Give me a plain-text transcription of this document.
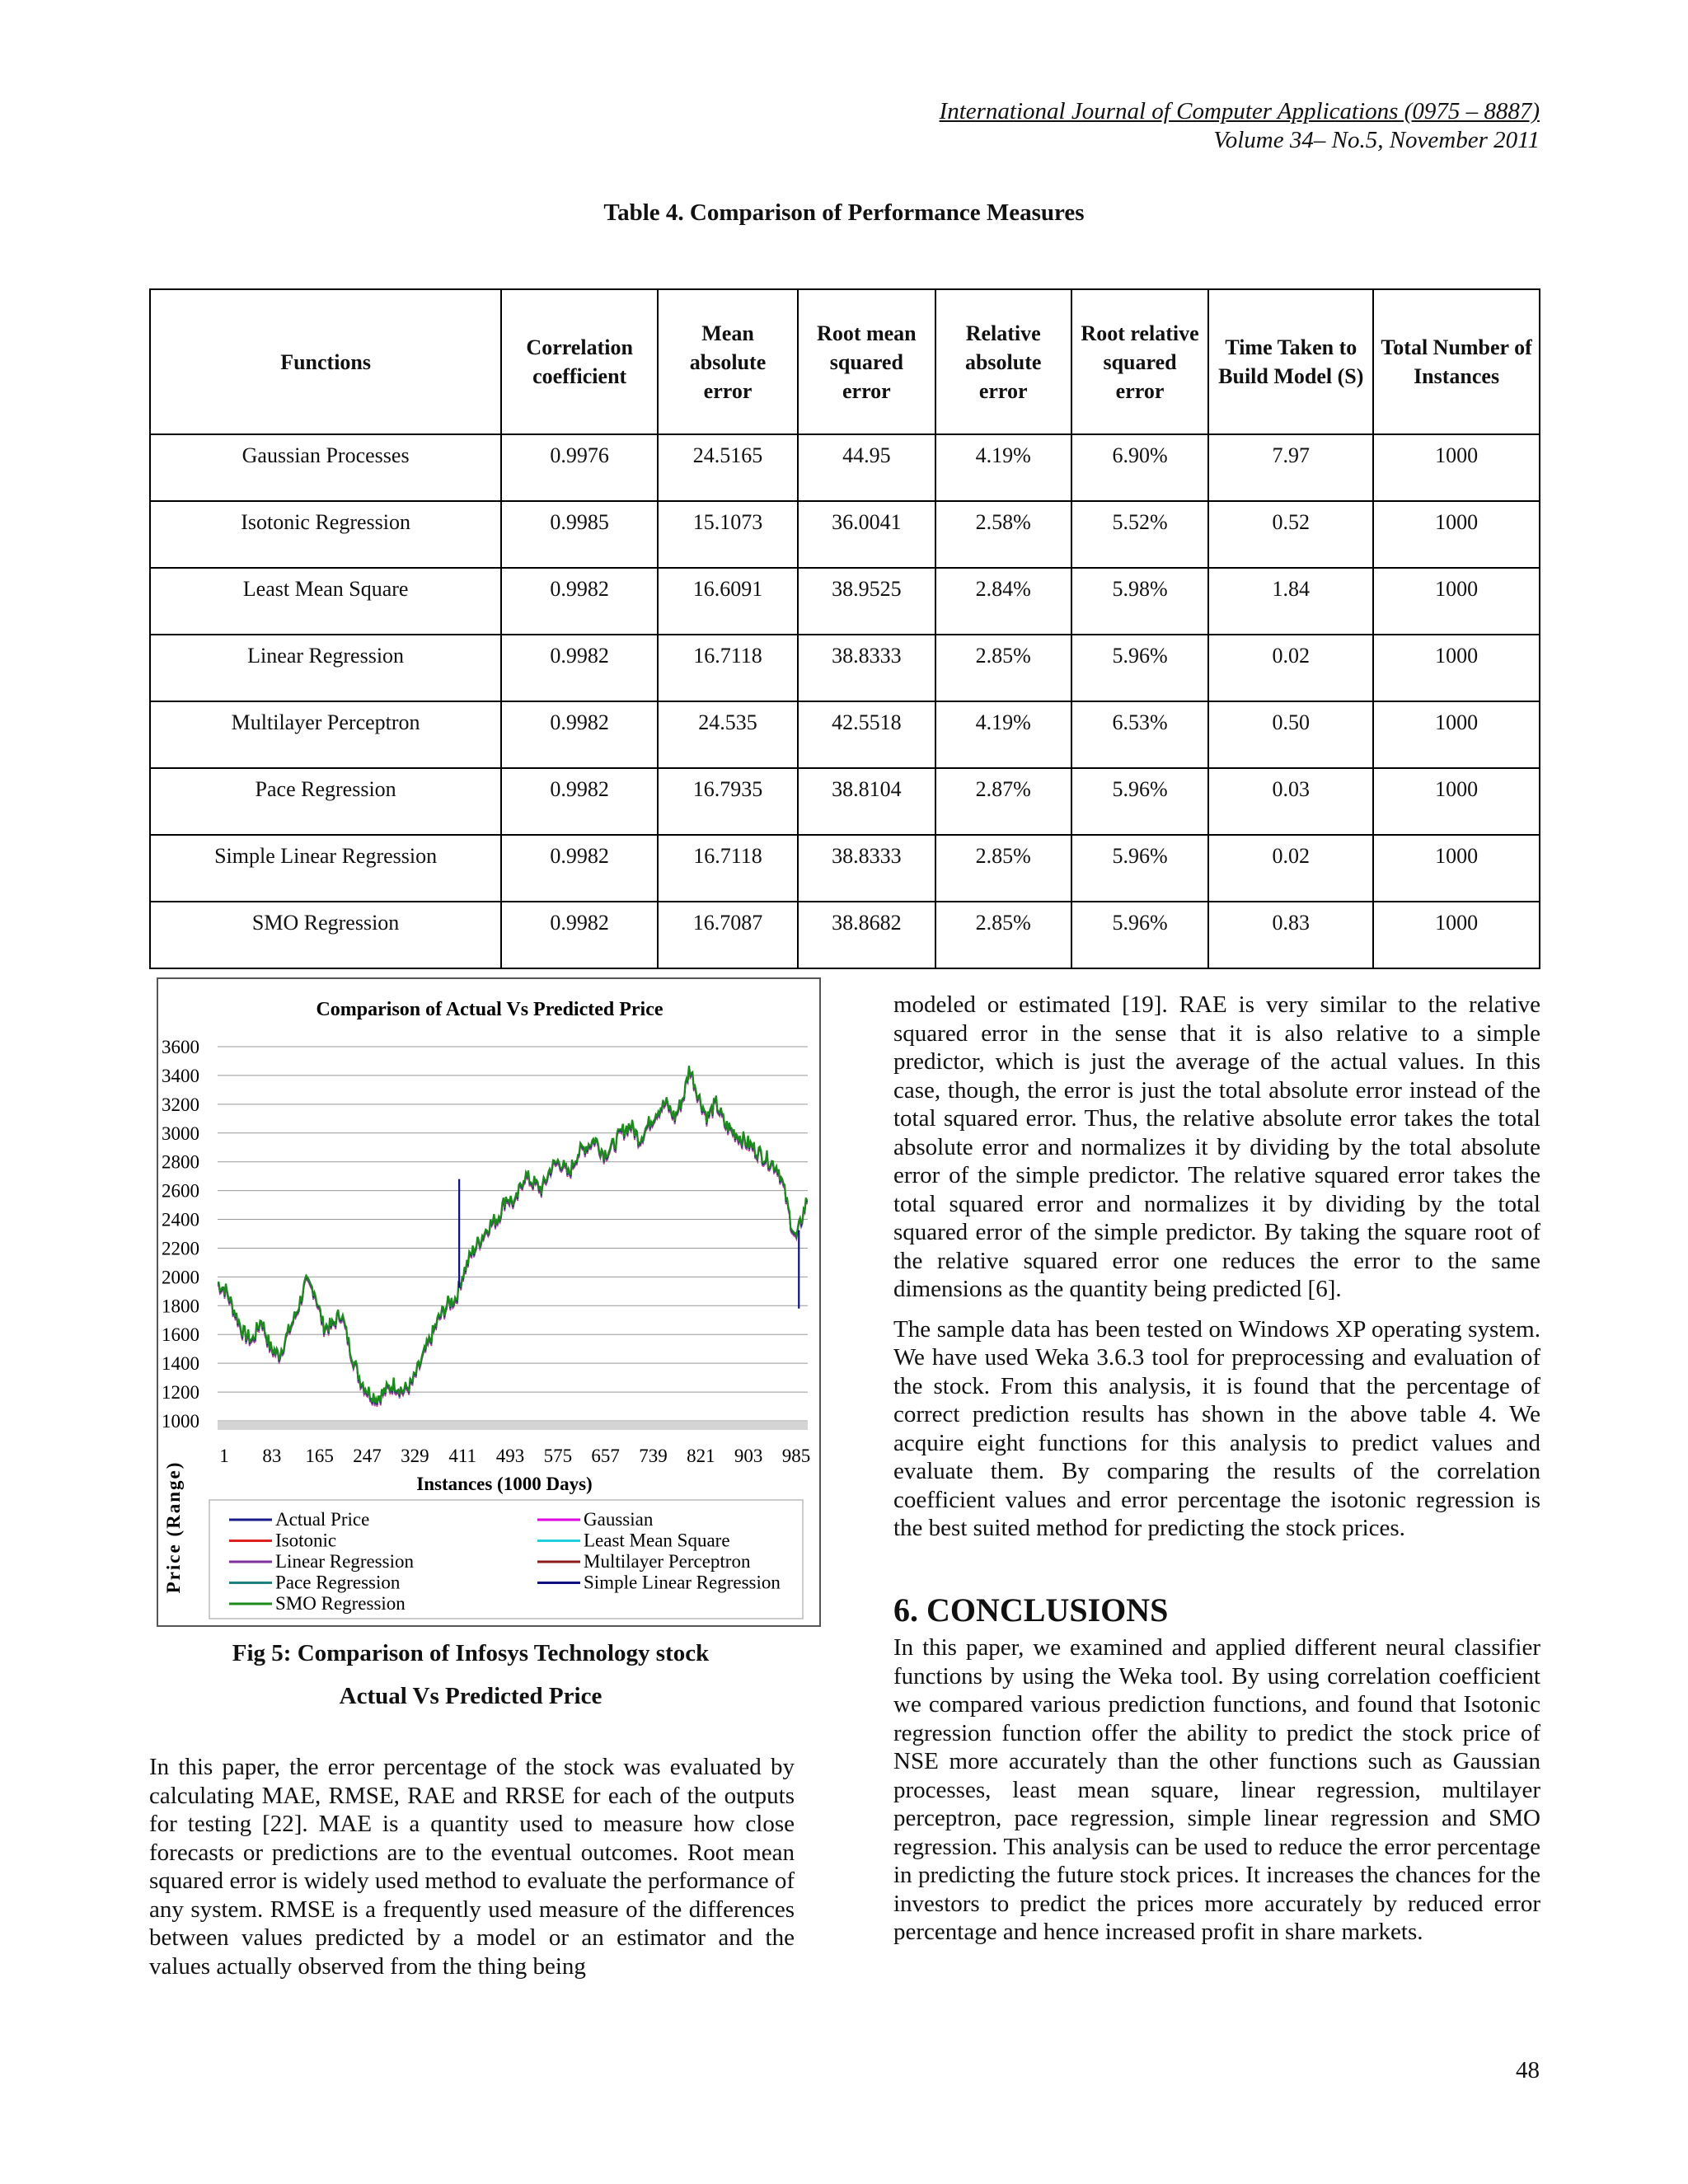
International Journal of Computer Applications (0975 – 8887)
Volume 34– No.5, November 2011
Table 4. Comparison of Performance Measures
Functions	Correlation coefficient	Mean absolute error	Root mean squared error	Relative absolute error	Root relative squared error	Time Taken to Build Model (S)	Total Number of Instances
Gaussian Processes	0.9976	24.5165	44.95	4.19%	6.90%	7.97	1000
Isotonic Regression	0.9985	15.1073	36.0041	2.58%	5.52%	0.52	1000
Least Mean Square	0.9982	16.6091	38.9525	2.84%	5.98%	1.84	1000
Linear Regression	0.9982	16.7118	38.8333	2.85%	5.96%	0.02	1000
Multilayer Perceptron	0.9982	24.535	42.5518	4.19%	6.53%	0.50	1000
Pace Regression	0.9982	16.7935	38.8104	2.87%	5.96%	0.03	1000
Simple Linear Regression	0.9982	16.7118	38.8333	2.85%	5.96%	0.02	1000
SMO Regression	0.9982	16.7087	38.8682	2.85%	5.96%	0.83	1000
Comparison of Actual Vs Predicted Price
3600
3400
3200
3000
2800
2600
2400
2200
2000
1800
1600
1400
1200
1000
1 83 165 247 329 411 493 575 657 739 821 903 985
Instances (1000 Days)
Price (Range)	Actual Price
Isotonic
Linear Regression
Pace Regression
SMO Regression
Gaussian
Least Mean Square
Multilayer Perceptron
Simple Linear Regression
Fig 5: Comparison of Infosys Technology stock
Actual Vs Predicted Price

In this paper, the error percentage of the stock was evaluated by calculating MAE, RMSE, RAE and RRSE for each of the outputs for testing [22]. MAE is a quantity used to measure how close forecasts or predictions are to the eventual outcomes. Root mean squared error is widely used method to evaluate the performance of any system. RMSE is a frequently used measure of the differences between values predicted by a model or an estimator and the values actually observed from the thing being

modeled or estimated [19]. RAE is very similar to the relative squared error in the sense that it is also relative to a simple predictor, which is just the average of the actual values. In this case, though, the error is just the total absolute error instead of the total squared error. Thus, the relative absolute error takes the total absolute error and normalizes it by dividing by the total absolute error of the simple predictor. The relative squared error takes the total squared error and normalizes it by dividing by the total squared error of the simple predictor. By taking the square root of the relative squared error one reduces the error to the same dimensions as the quantity being predicted [6].

The sample data has been tested on Windows XP operating system. We have used Weka 3.6.3 tool for preprocessing and evaluation of the stock. From this analysis, it is found that the percentage of correct prediction results has shown in the above table 4. We acquire eight functions for this analysis to predict values and evaluate them. By comparing the results of the correlation coefficient values and error percentage the isotonic regression is the best suited method for predicting the stock prices.

6. CONCLUSIONS

In this paper, we examined and applied different neural classifier functions by using the Weka tool. By using correlation coefficient we compared various prediction functions, and found that Isotonic regression function offer the ability to predict the stock price of NSE more accurately than the other functions such as Gaussian processes, least mean square, linear regression, multilayer perceptron, pace regression, simple linear regression and SMO regression. This analysis can be used to reduce the error percentage in predicting the future stock prices. It increases the chances for the investors to predict the prices more accurately by reduced error percentage and hence increased profit in share markets.

48
